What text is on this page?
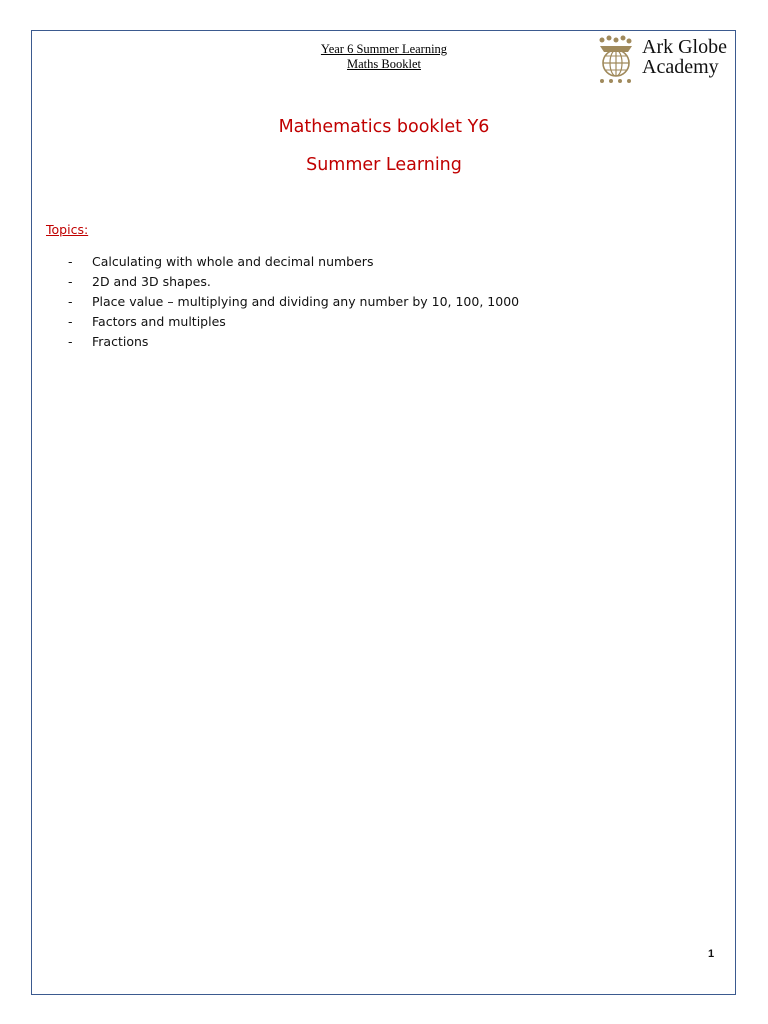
Year 6 Summer Learning
Maths Booklet
Ark Globe
Academy
Mathematics booklet Y6
Summer Learning
Topics:
-	Calculating with whole and decimal numbers
-	2D and 3D shapes.
-	Place value – multiplying and dividing any number by 10, 100, 1000
-	Factors and multiples
-	Fractions
1
